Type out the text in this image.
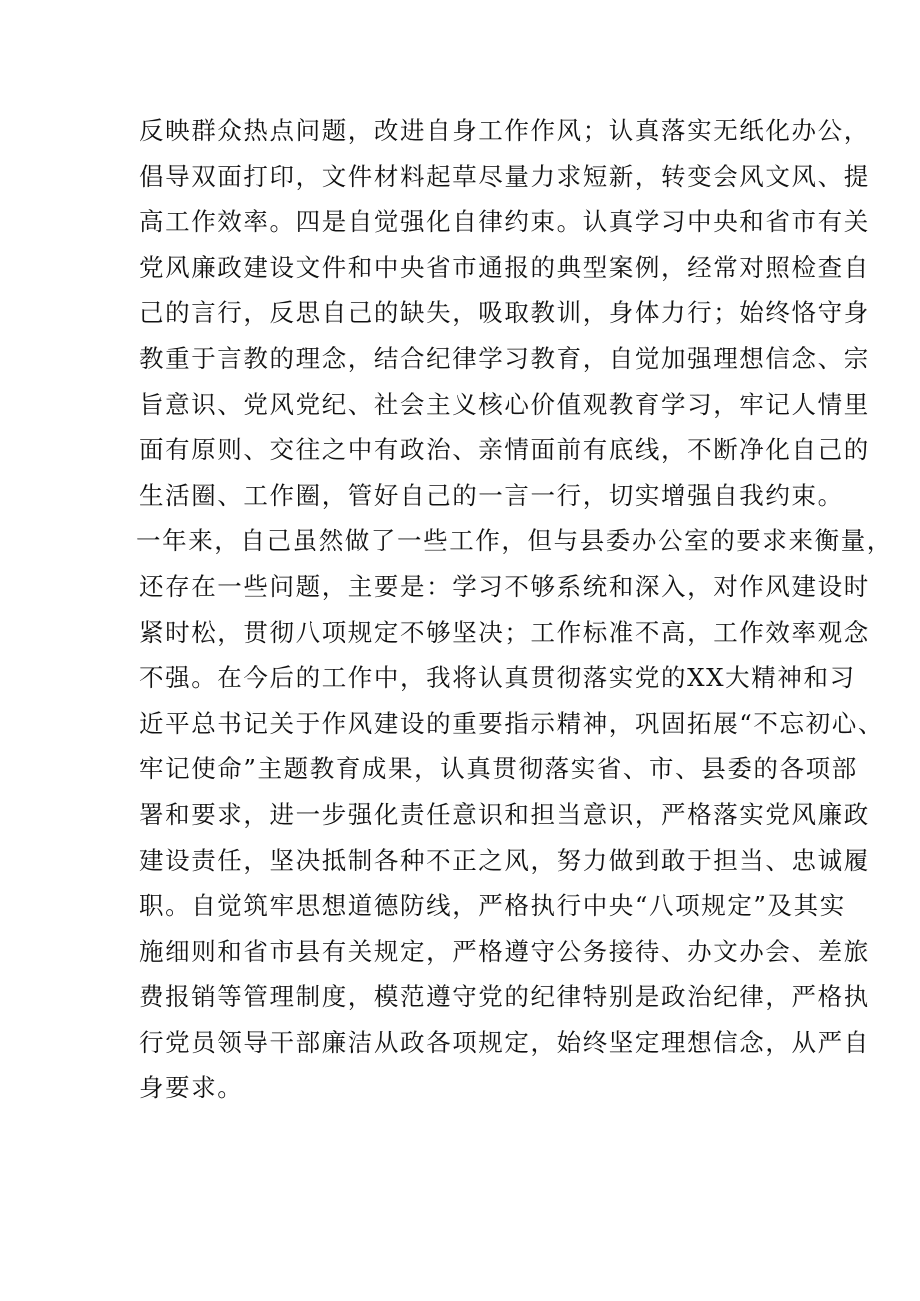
反映群众热点问题，改进自身工作作风；认真落实无纸化办公，
倡导双面打印，文件材料起草尽量力求短新，转变会风文风、提
高工作效率。四是自觉强化自律约束。认真学习中央和省市有关
党风廉政建设文件和中央省市通报的典型案例，经常对照检查自
己的言行，反思自己的缺失，吸取教训，身体力行；始终恪守身
教重于言教的理念，结合纪律学习教育，自觉加强理想信念、宗
旨意识、党风党纪、社会主义核心价值观教育学习，牢记人情里
面有原则、交往之中有政治、亲情面前有底线，不断净化自己的
生活圈、工作圈，管好自己的一言一行，切实增强自我约束。
一年来，自己虽然做了一些工作，但与县委办公室的要求来衡量，
还存在一些问题，主要是：学习不够系统和深入，对作风建设时
紧时松，贯彻八项规定不够坚决；工作标准不高，工作效率观念
不强。在今后的工作中，我将认真贯彻落实党的XX大精神和习
近平总书记关于作风建设的重要指示精神，巩固拓展“不忘初心、
牢记使命”主题教育成果，认真贯彻落实省、市、县委的各项部
署和要求，进一步强化责任意识和担当意识，严格落实党风廉政
建设责任，坚决抵制各种不正之风，努力做到敢于担当、忠诚履
职。自觉筑牢思想道德防线，严格执行中央“八项规定”及其实
施细则和省市县有关规定，严格遵守公务接待、办文办会、差旅
费报销等管理制度，模范遵守党的纪律特别是政治纪律，严格执
行党员领导干部廉洁从政各项规定，始终坚定理想信念，从严自
身要求。
